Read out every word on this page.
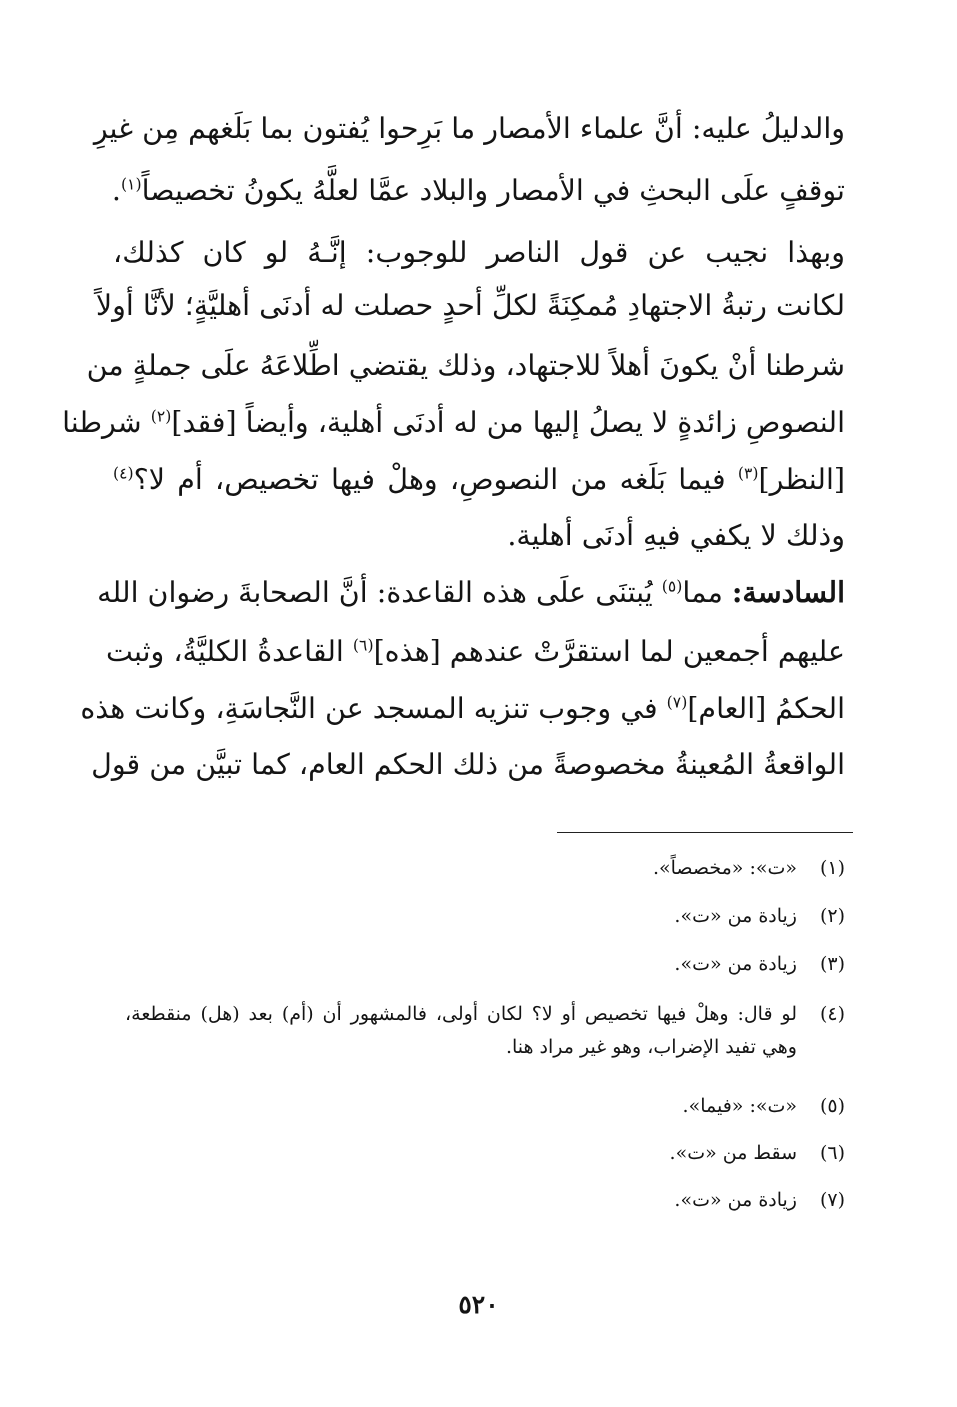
والدليلُ عليه: أنَّ علماء الأمصار ما بَرِحوا يُفتون بما بَلَغهم مِن غيرِ

توقفٍ علَى البحثِ في الأمصار والبلاد عمَّا لعلَّهُ يكونُ تخصيصاً$^{(١)}$.

وبهذا نجيب عن قول الناصر للوجوب: إنَّـهُ لو كان كذلك،

لكانت رتبةُ الاجتهادِ مُمكِنَةً لكلِّ أحدٍ حصلت له أدنَى أهليَّةٍ؛ لأنَّا أولاً

شرطنا أنْ يكونَ أهلاً للاجتهاد، وذلك يقتضي اطِّلاعَهُ علَى جملةٍ من

النصوصِ زائدةٍ لا يصلُ إليها من له أدنَى أهلية، وأيضاً [فقد]$^{(٢)}$ شرطنا

[النظر]$^{(٣)}$ فيما بَلَغه من النصوصِ، وهلْ فيها تخصيص، أم لا؟$^{(٤)}$

وذلك لا يكفي فيهِ أدنَى أهلية.

السادسة: مما$^{(٥)}$ يُبتنَى علَى هذه القاعدة: أنَّ الصحابةَ رضوان الله

عليهم أجمعين لما استقرَّتْ عندهم [هذه]$^{(٦)}$ القاعدةُ الكليَّةُ، وثبت

الحكمُ [العام]$^{(٧)}$ في وجوب تنزيه المسجد عن النَّجاسَةِ، وكانت هذه

الواقعةُ المُعينةُ مخصوصةً من ذلك الحكم العام، كما تبيَّن من قول

(١)
«ت»: «مخصصاً».
(٢)
زيادة من «ت».
(٣)
زيادة من «ت».
(٤)
لو قال: وهلْ فيها تخصيص أو لا؟ لكان أولى، فالمشهور أن (أم) بعد (هل) منقطعة، وهي تفيد الإضراب، وهو غير مراد هنا.
(٥)
«ت»: «فيما».
(٦)
سقط من «ت».
(٧)
زيادة من «ت».
٥٢٠
